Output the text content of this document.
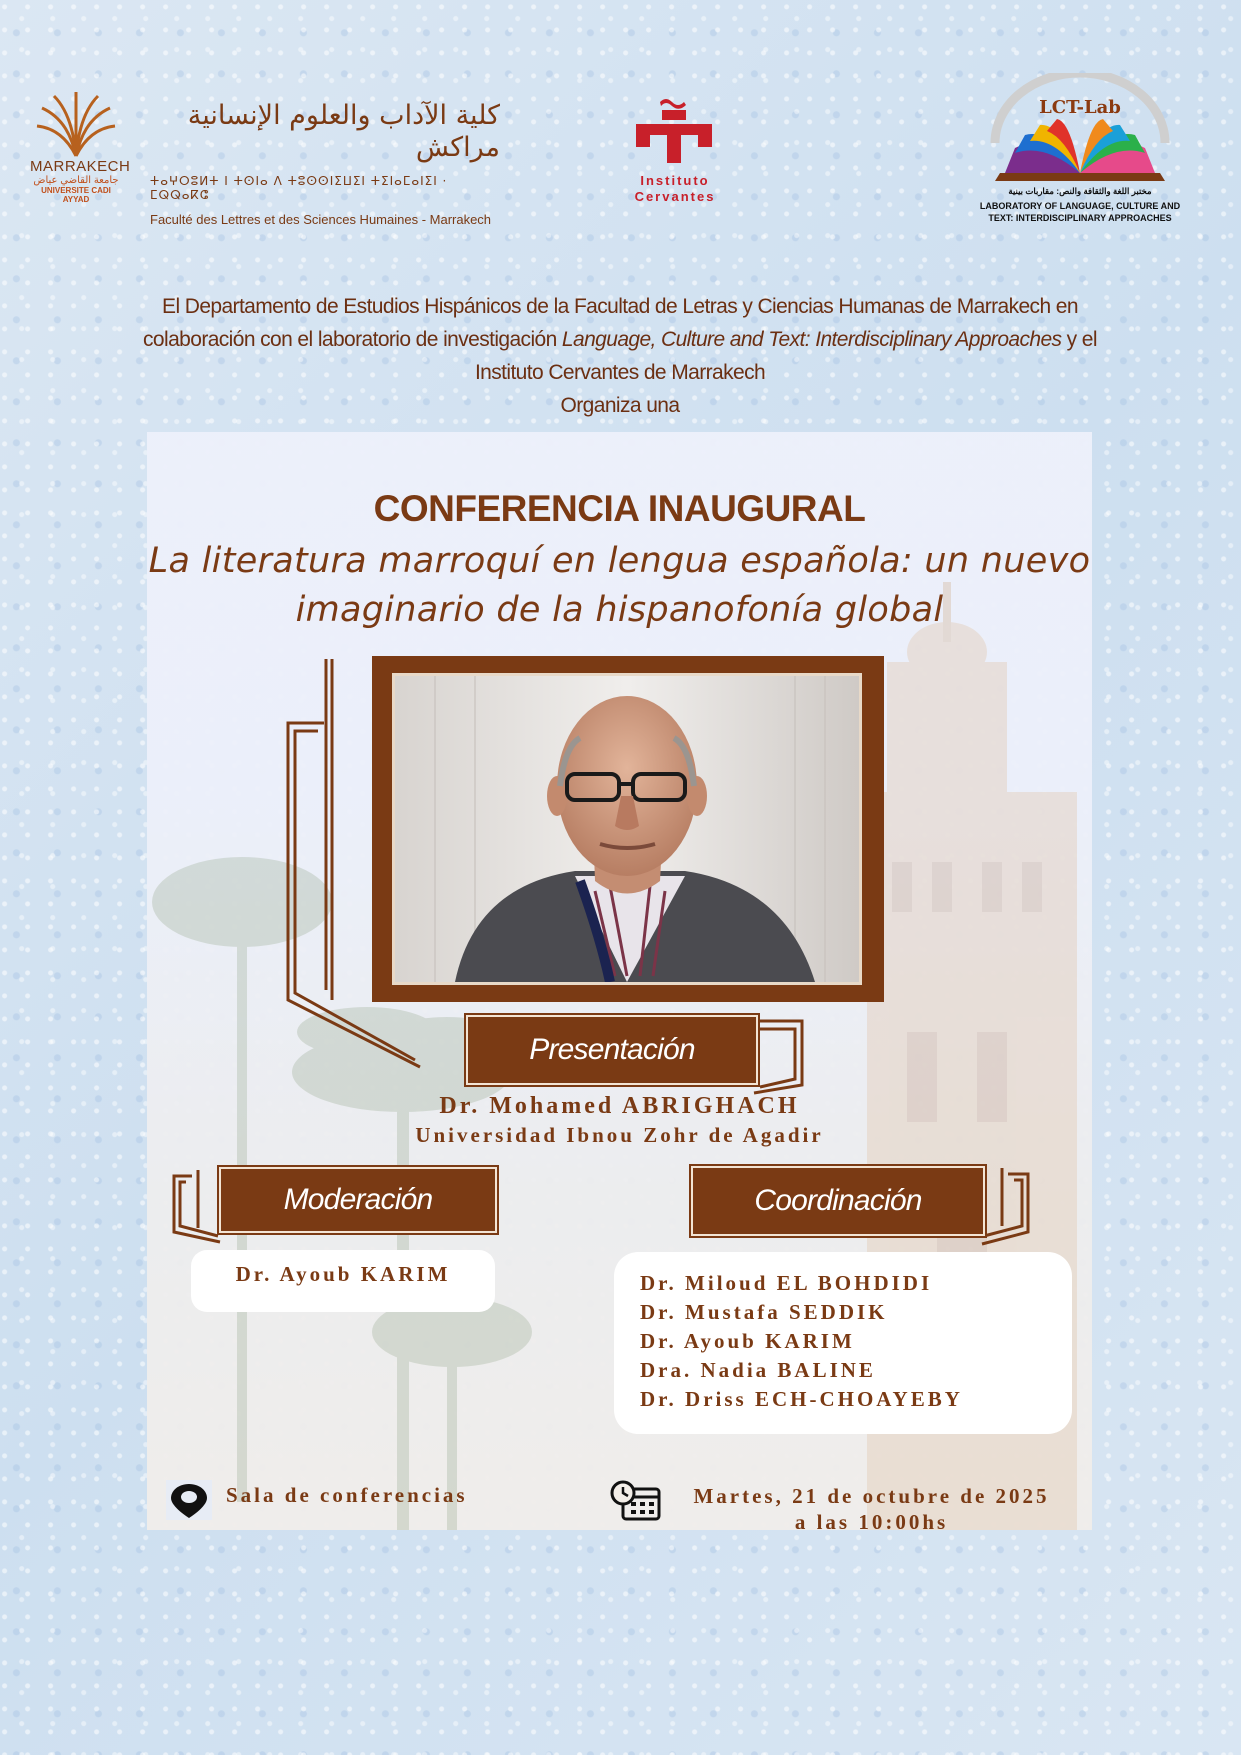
MARRAKECH
جامعة القاضي عياض
UNIVERSITE CADI AYYAD
كلية الآداب والعلوم الإنسانية مراكش
ⵜⴰⵖⵔⵓⵍⵜ ⵏ ⵜⵙⵏⴰ ⴷ ⵜⵓⵙⵙⵏⵉⵡⵉⵏ ⵜⵉⵏⴰⵎⴰⵏⵉⵏ · ⵎⵕⵕⴰⴽⵛ
Faculté des Lettres et des Sciences Humaines - Marrakech
Instituto
Cervantes
LCT-Lab
مختبر اللغة والثقافة والنص: مقاربات بينية
LABORATORY OF LANGUAGE, CULTURE AND
TEXT: INTERDISCIPLINARY APPROACHES
El Departamento de Estudios Hispánicos de la Facultad de Letras y Ciencias Humanas de Marrakech en
colaboración con el laboratorio de investigación Language, Culture and Text: Interdisciplinary Approaches y el
Instituto Cervantes de Marrakech
Organiza una
CONFERENCIA INAUGURAL
La literatura marroquí en lengua española: un nuevo
imaginario de la hispanofonía global
Presentación
Dr. Mohamed ABRIGHACH
Universidad Ibnou Zohr de Agadir
Moderación	Coordinación
Dr. Ayoub KARIM	Dr. Miloud EL BOHDIDI
Dr. Mustafa SEDDIK
Dr. Ayoub KARIM
Dra. Nadia BALINE
Dr. Driss ECH-CHOAYEBY
Sala de conferencias	Martes, 21 de octubre de 2025
a las 10:00hs
